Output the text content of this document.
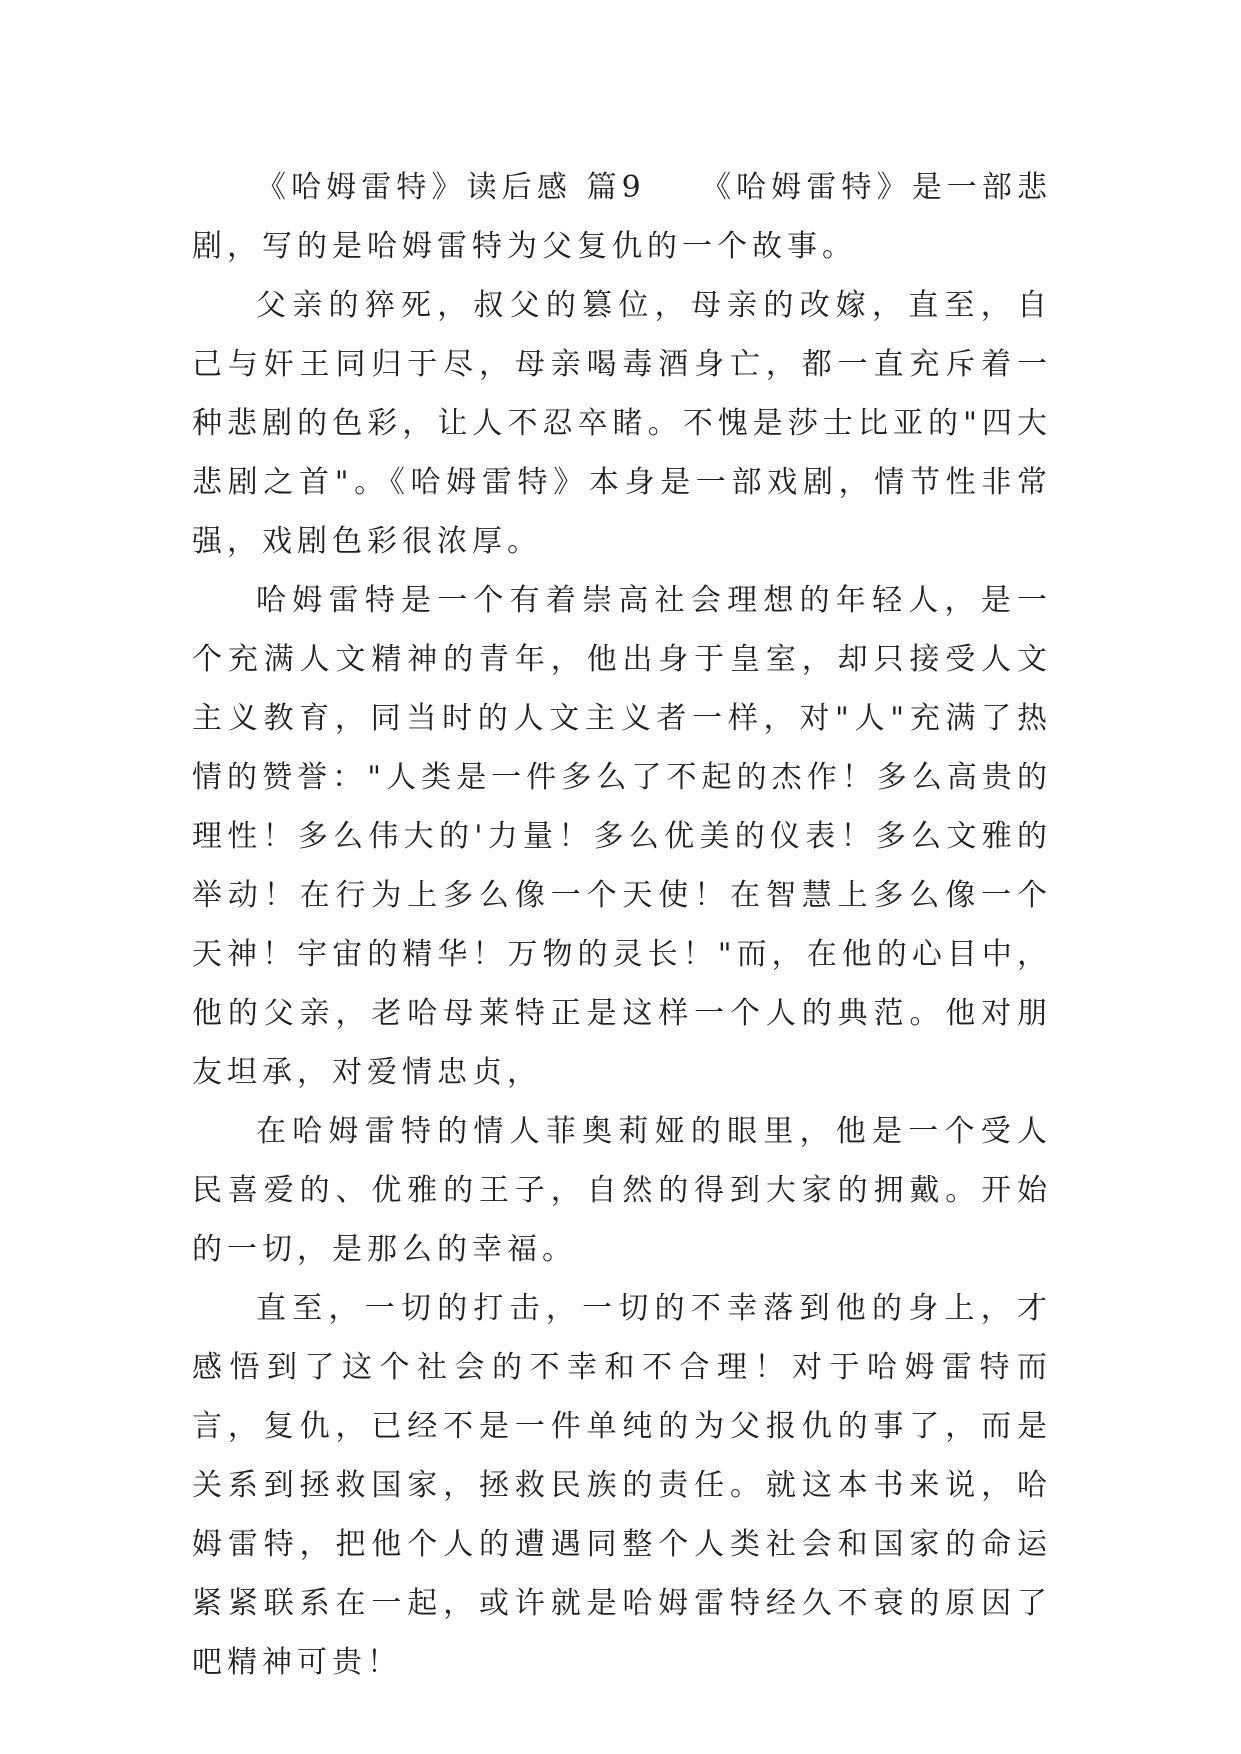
《哈姆雷特》读后感 篇9　　《哈姆雷特》是一部悲剧，写的是哈姆雷特为父复仇的一个故事。

父亲的猝死，叔父的篡位，母亲的改嫁，直至，自己与奸王同归于尽，母亲喝毒酒身亡，都一直充斥着一种悲剧的色彩，让人不忍卒睹。不愧是莎士比亚的"四大悲剧之首"。《哈姆雷特》本身是一部戏剧，情节性非常强，戏剧色彩很浓厚。

哈姆雷特是一个有着崇高社会理想的年轻人，是一个充满人文精神的青年，他出身于皇室，却只接受人文主义教育，同当时的人文主义者一样，对"人"充满了热情的赞誉："人类是一件多么了不起的杰作！多么高贵的理性！多么伟大的'力量！多么优美的仪表！多么文雅的举动！在行为上多么像一个天使！在智慧上多么像一个天神！宇宙的精华！万物的灵长！"而，在他的心目中，他的父亲，老哈母莱特正是这样一个人的典范。他对朋友坦承，对爱情忠贞，

在哈姆雷特的情人菲奥莉娅的眼里，他是一个受人民喜爱的、优雅的王子，自然的得到大家的拥戴。开始的一切，是那么的幸福。

直至，一切的打击，一切的不幸落到他的身上，才感悟到了这个社会的不幸和不合理！对于哈姆雷特而言，复仇，已经不是一件单纯的为父报仇的事了，而是关系到拯救国家，拯救民族的责任。就这本书来说，哈姆雷特，把他个人的遭遇同整个人类社会和国家的命运紧紧联系在一起，或许就是哈姆雷特经久不衰的原因了吧精神可贵！
